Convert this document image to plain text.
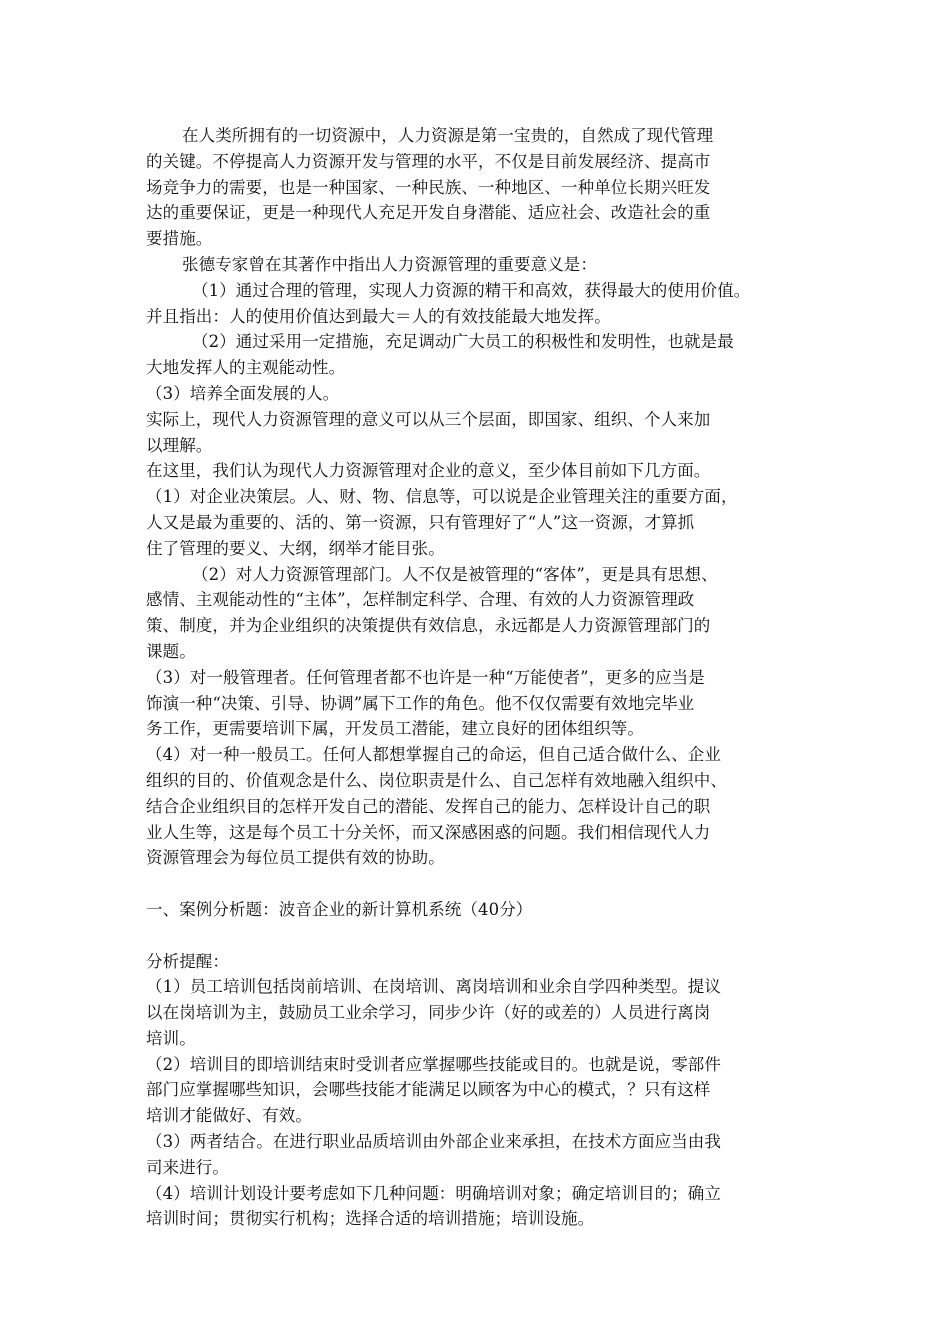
在人类所拥有的一切资源中，人力资源是第一宝贵的，自然成了现代管理
的关键。不停提高人力资源开发与管理的水平，不仅是目前发展经济、提高市
场竞争力的需要，也是一种国家、一种民族、一种地区、一种单位长期兴旺发
达的重要保证，更是一种现代人充足开发自身潜能、适应社会、改造社会的重
要措施。
张德专家曾在其著作中指出人力资源管理的重要意义是：
（1）通过合理的管理，实现人力资源的精干和高效，获得最大的使用价值。
并且指出：人的使用价值达到最大＝人的有效技能最大地发挥。
（2）通过采用一定措施，充足调动广大员工的积极性和发明性，也就是最
大地发挥人的主观能动性。
（3）培养全面发展的人。
实际上，现代人力资源管理的意义可以从三个层面，即国家、组织、个人来加
以理解。
在这里，我们认为现代人力资源管理对企业的意义，至少体目前如下几方面。
（1）对企业决策层。人、财、物、信息等，可以说是企业管理关注的重要方面，
人又是最为重要的、活的、第一资源，只有管理好了“人”这一资源，才算抓
住了管理的要义、大纲，纲举才能目张。
（2）对人力资源管理部门。人不仅是被管理的“客体”，更是具有思想、
感情、主观能动性的“主体”，怎样制定科学、合理、有效的人力资源管理政
策、制度，并为企业组织的决策提供有效信息，永远都是人力资源管理部门的
课题。
（3）对一般管理者。任何管理者都不也许是一种“万能使者”，更多的应当是
饰演一种“决策、引导、协调”属下工作的角色。他不仅仅需要有效地完毕业
务工作，更需要培训下属，开发员工潜能，建立良好的团体组织等。
（4）对一种一般员工。任何人都想掌握自己的命运，但自己适合做什么、企业
组织的目的、价值观念是什么、岗位职责是什么、自己怎样有效地融入组织中、
结合企业组织目的怎样开发自己的潜能、发挥自己的能力、怎样设计自己的职
业人生等，这是每个员工十分关怀，而又深感困惑的问题。我们相信现代人力
资源管理会为每位员工提供有效的协助。
一、案例分析题：波音企业的新计算机系统（40分）
分析提醒：
（1）员工培训包括岗前培训、在岗培训、离岗培训和业余自学四种类型。提议
以在岗培训为主，鼓励员工业余学习，同步少许（好的或差的）人员进行离岗
培训。
（2）培训目的即培训结束时受训者应掌握哪些技能或目的。也就是说，零部件
部门应掌握哪些知识，会哪些技能才能满足以顾客为中心的模式，？只有这样
培训才能做好、有效。
（3）两者结合。在进行职业品质培训由外部企业来承担，在技术方面应当由我
司来进行。
（4）培训计划设计要考虑如下几种问题：明确培训对象；确定培训目的；确立
培训时间；贯彻实行机构；选择合适的培训措施；培训设施。
